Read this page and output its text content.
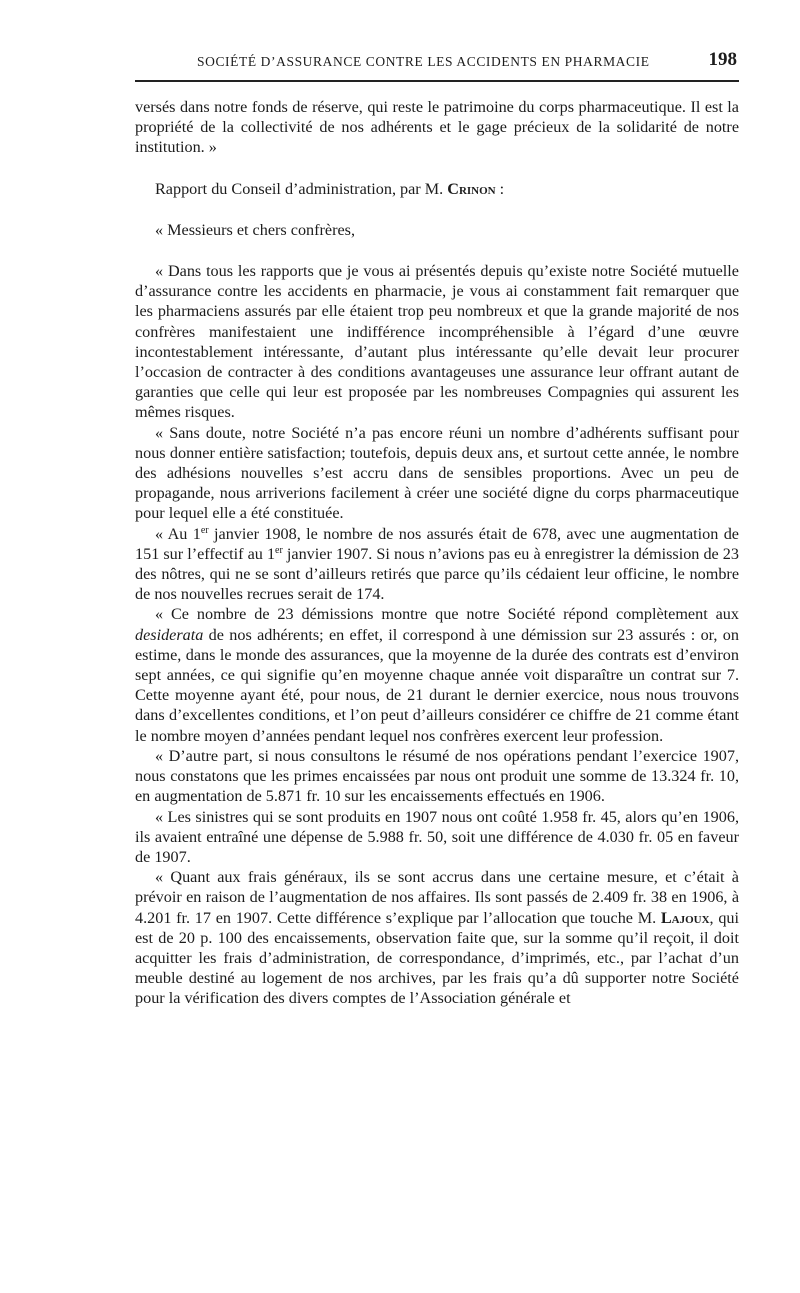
SOCIÉTÉ D’ASSURANCE CONTRE LES ACCIDENTS EN PHARMACIE	198

versés dans notre fonds de réserve, qui reste le patrimoine du corps pharmaceutique. Il est la propriété de la collectivité de nos adhérents et le gage précieux de la solidarité de notre institution. »

Rapport du Conseil d’administration, par M. Crinon :

« Messieurs et chers confrères,

« Dans tous les rapports que je vous ai présentés depuis qu’existe notre Société mutuelle d’assurance contre les accidents en pharmacie, je vous ai constamment fait remarquer que les pharmaciens assurés par elle étaient trop peu nombreux et que la grande majorité de nos confrères manifestaient une indifférence incompréhensible à l’égard d’une œuvre incontestablement intéressante, d’autant plus intéressante qu’elle devait leur procurer l’occasion de contracter à des conditions avantageuses une assurance leur offrant autant de garanties que celle qui leur est proposée par les nombreuses Compagnies qui assurent les mêmes risques.

« Sans doute, notre Société n’a pas encore réuni un nombre d’adhérents suffisant pour nous donner entière satisfaction; toutefois, depuis deux ans, et surtout cette année, le nombre des adhésions nouvelles s’est accru dans de sensibles proportions. Avec un peu de propagande, nous arriverions facilement à créer une société digne du corps pharmaceutique pour lequel elle a été constituée.

« Au 1er janvier 1908, le nombre de nos assurés était de 678, avec une augmentation de 151 sur l’effectif au 1er janvier 1907. Si nous n’avions pas eu à enregistrer la démission de 23 des nôtres, qui ne se sont d’ailleurs retirés que parce qu’ils cédaient leur officine, le nombre de nos nouvelles recrues serait de 174.

« Ce nombre de 23 démissions montre que notre Société répond complètement aux desiderata de nos adhérents; en effet, il correspond à une démission sur 23 assurés : or, on estime, dans le monde des assurances, que la moyenne de la durée des contrats est d’environ sept années, ce qui signifie qu’en moyenne chaque année voit disparaître un contrat sur 7. Cette moyenne ayant été, pour nous, de 21 durant le dernier exercice, nous nous trouvons dans d’excellentes conditions, et l’on peut d’ailleurs considérer ce chiffre de 21 comme étant le nombre moyen d’années pendant lequel nos confrères exercent leur profession.

« D’autre part, si nous consultons le résumé de nos opérations pendant l’exercice 1907, nous constatons que les primes encaissées par nous ont produit une somme de 13.324 fr. 10, en augmentation de 5.871 fr. 10 sur les encaissements effectués en 1906.

« Les sinistres qui se sont produits en 1907 nous ont coûté 1.958 fr. 45, alors qu’en 1906, ils avaient entraîné une dépense de 5.988 fr. 50, soit une différence de 4.030 fr. 05 en faveur de 1907.

« Quant aux frais généraux, ils se sont accrus dans une certaine mesure, et c’était à prévoir en raison de l’augmentation de nos affaires. Ils sont passés de 2.409 fr. 38 en 1906, à 4.201 fr. 17 en 1907. Cette différence s’explique par l’allocation que touche M. Lajoux, qui est de 20 p. 100 des encaissements, observation faite que, sur la somme qu’il reçoit, il doit acquitter les frais d’administration, de correspondance, d’imprimés, etc., par l’achat d’un meuble destiné au logement de nos archives, par les frais qu’a dû supporter notre Société pour la vérification des divers comptes de l’Association générale et
